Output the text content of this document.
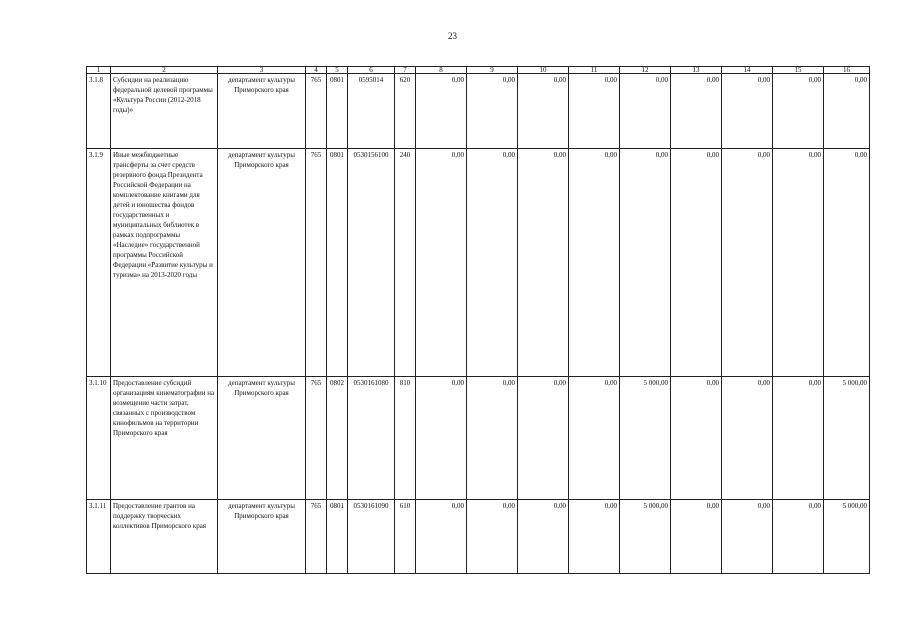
23
1	2	3	4	5	6	7	8	9	10	11	12	13	14	15	16
3.1.8	Субсидии на реализацию федеральной целевой программы «Культура России (2012-2018 годы)»	департамент культуры Приморского края	765	0801	0595014	620	0,00	0,00	0,00	0,00	0,00	0,00	0,00	0,00	0,00
3.1.9	Иные межбюджетные трансферты за счет средств резервного фонда Президента Российской Федерации на комплектование книгами для детей и юношества фондов государственных и муниципальных библиотек в рамках подпрограммы «Наследие» государственной программы Российской Федерации «Развитие культуры и туризма» на 2013-2020 годы	департамент культуры Приморского края	765	0801	0530156100	240	0,00	0,00	0,00	0,00	0,00	0,00	0,00	0,00	0,00
3.1.10	Предоставление субсидий организациям кинематографии на возмещение части затрат, связанных с производством кинофильмов на территории Приморского края	департамент культуры Приморского края	765	0802	0530161080	810	0,00	0,00	0,00	0,00	5 000,00	0,00	0,00	0,00	5 000,00
3.1.11	Предоставление грантов на поддержку творческих коллективов Приморского края	департамент культуры Приморского края	765	0801	0530161090	610	0,00	0,00	0,00	0,00	5 000,00	0,00	0,00	0,00	5 000,00
